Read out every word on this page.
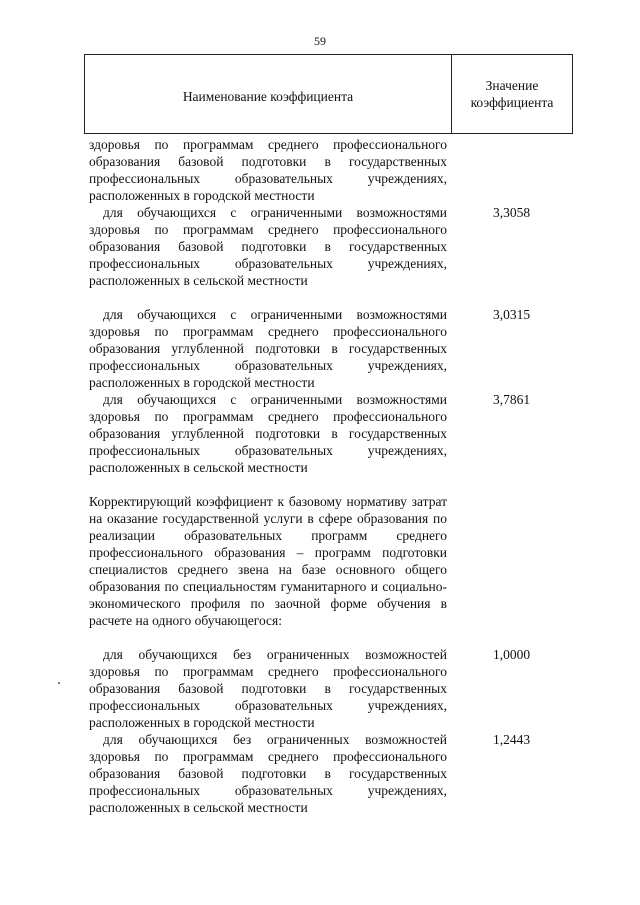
59
Наименование коэффициента
Значение
коэффициента
здоровья по программам среднего профессионального образования базовой подготовки в государственных профессиональных образовательных учреждениях, расположенных в городской местности
для обучающихся с ограниченными возможностями здоровья по программам среднего профессионального образования базовой подготовки в государственных профессиональных образовательных учреждениях, расположенных в сельской местности
3,3058
для обучающихся с ограниченными возможностями здоровья по программам среднего профессионального образования углубленной подготовки в государственных профессиональных образовательных учреждениях, расположенных в городской местности
3,0315
для обучающихся с ограниченными возможностями здоровья по программам среднего профессионального образования углубленной подготовки в государственных профессиональных образовательных учреждениях, расположенных в сельской местности
3,7861
Корректирующий коэффициент к базовому нормативу затрат на оказание государственной услуги в сфере образования по реализации образовательных программ среднего профессионального образования – программ подготовки специалистов среднего звена на базе основного общего образования по специальностям гуманитарного и социально-экономического профиля по заочной форме обучения в расчете на одного обучающегося:
для обучающихся без ограниченных возможностей здоровья по программам среднего профессионального образования базовой подготовки в государственных профессиональных образовательных учреждениях, расположенных в городской местности
1,0000
для обучающихся без ограниченных возможностей здоровья по программам среднего профессионального образования базовой подготовки в государственных профессиональных образовательных учреждениях, расположенных в сельской местности
1,2443
